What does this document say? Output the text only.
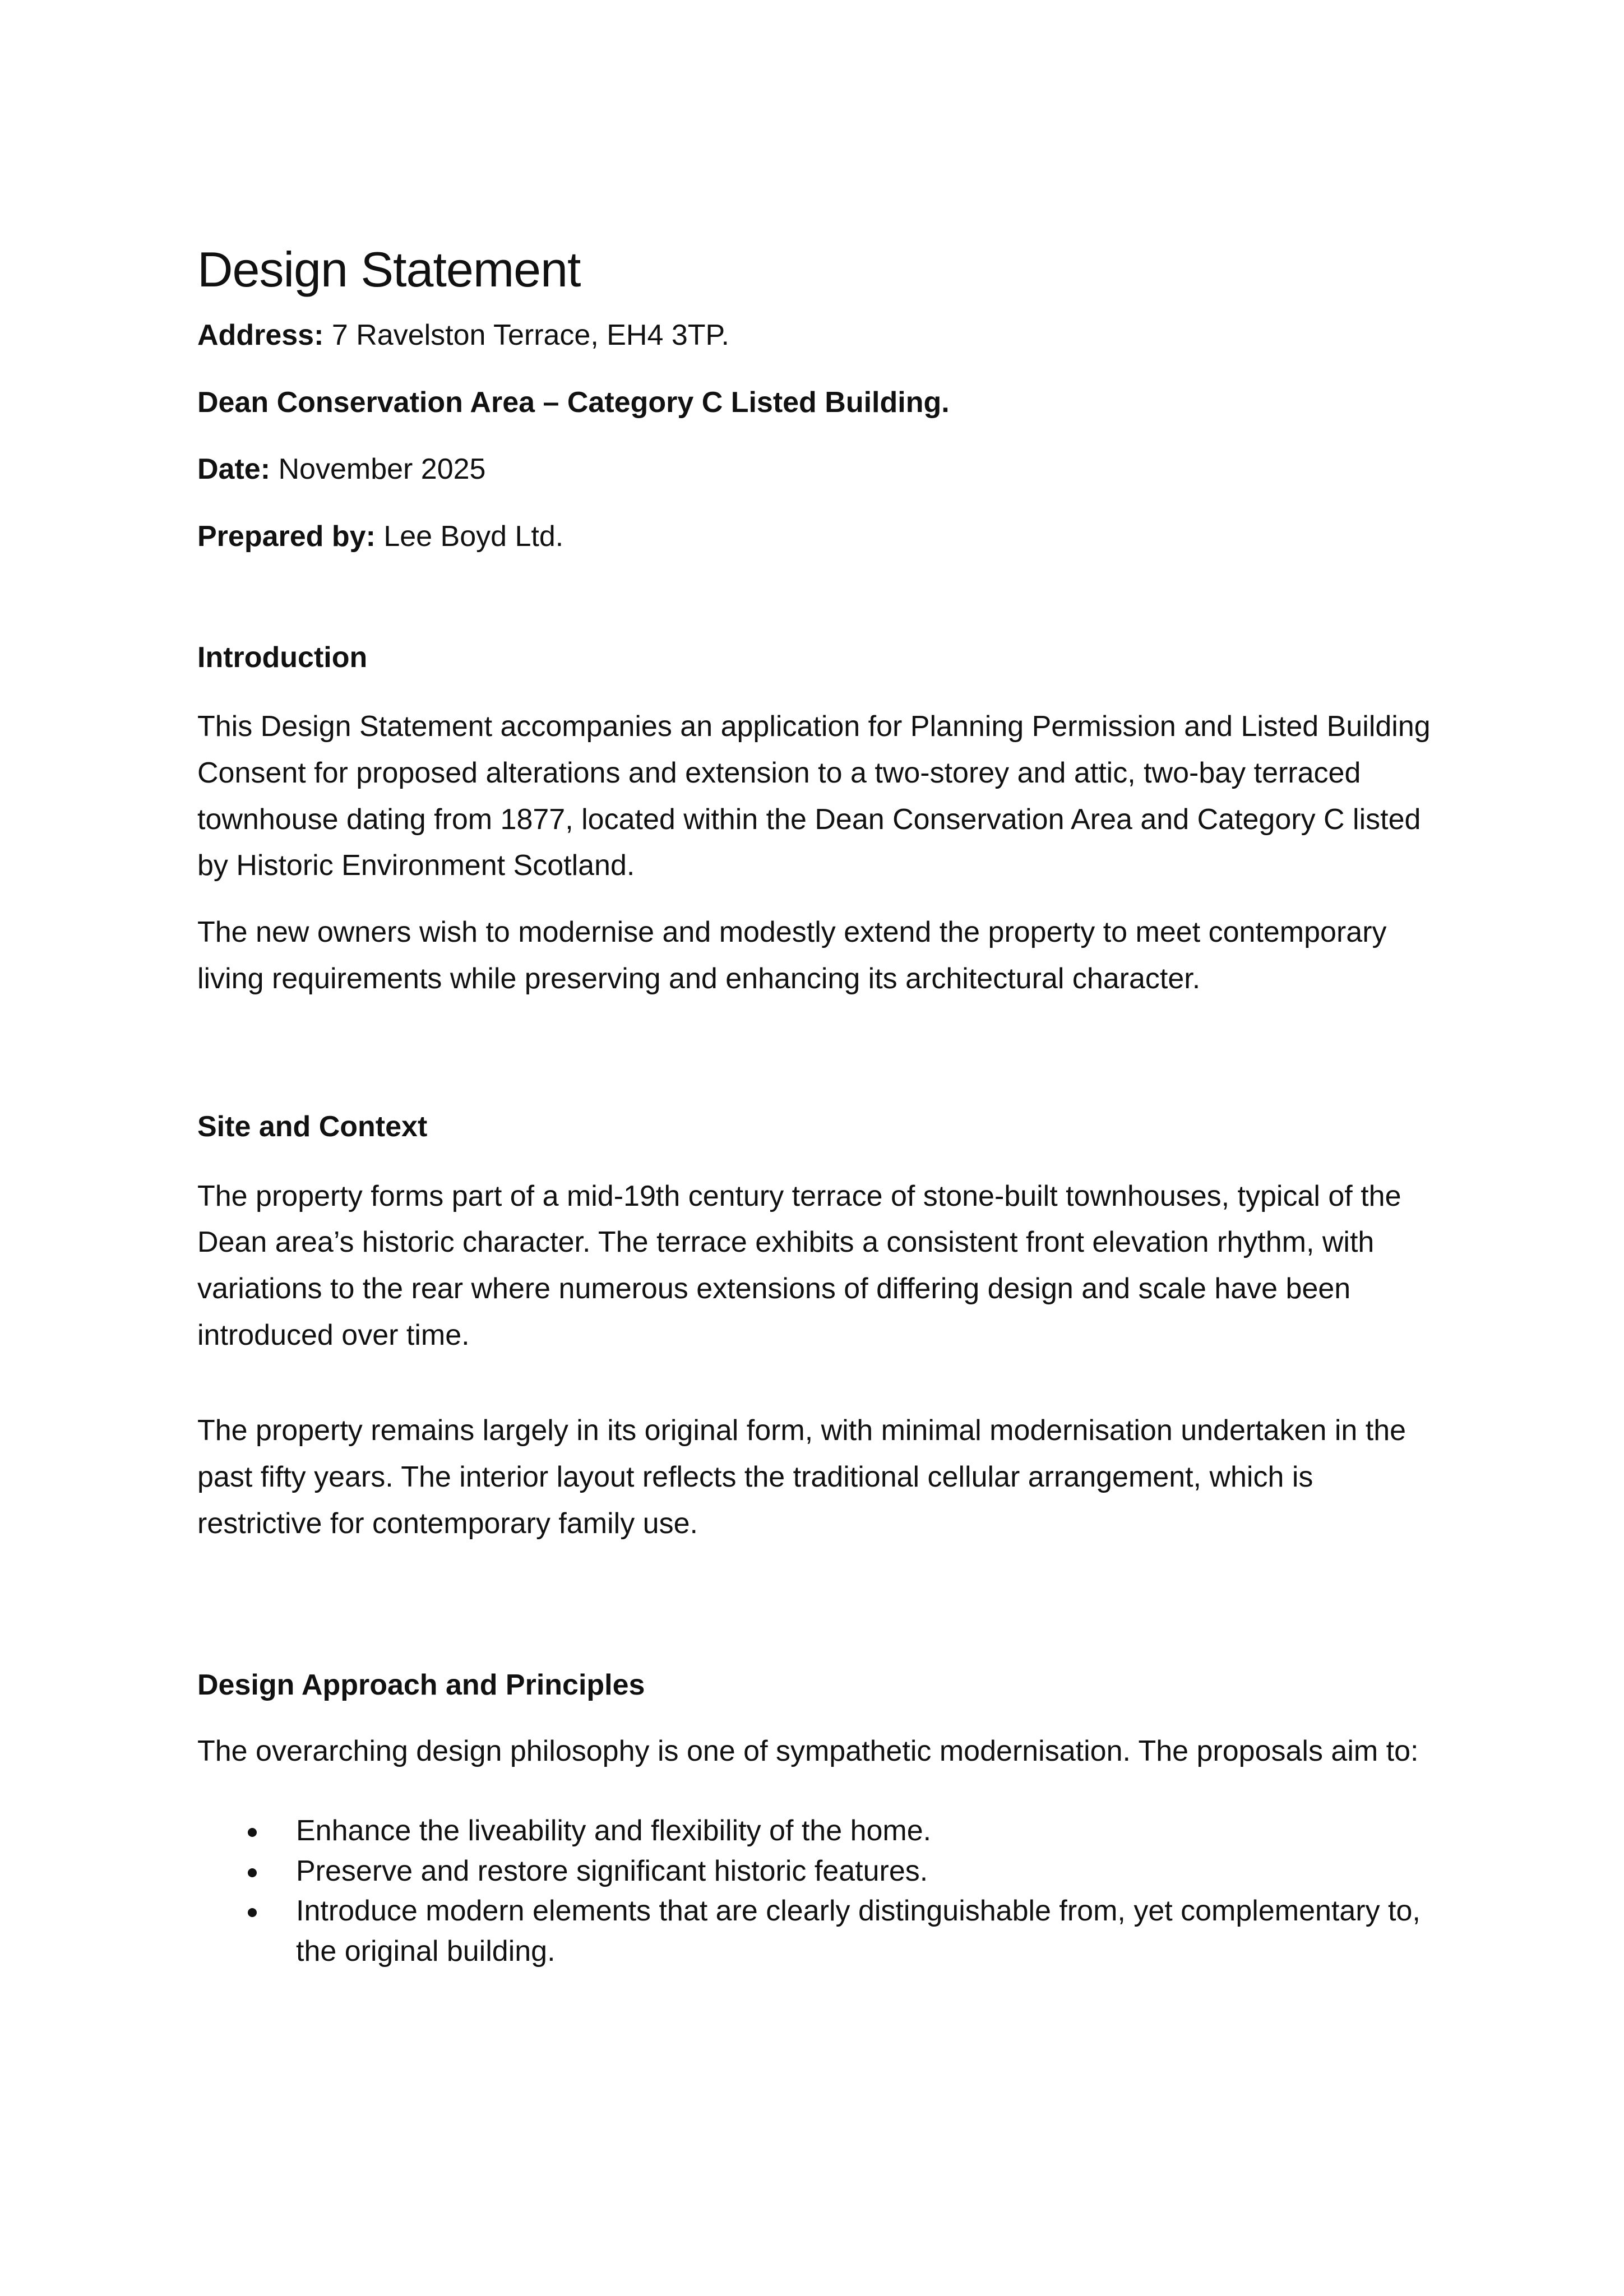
Design Statement

Address: 7 Ravelston Terrace, EH4 3TP.

Dean Conservation Area – Category C Listed Building.

Date: November 2025

Prepared by: Lee Boyd Ltd.

Introduction

This Design Statement accompanies an application for Planning Permission and Listed Building Consent for proposed alterations and extension to a two-storey and attic, two-bay terraced townhouse dating from 1877, located within the Dean Conservation Area and Category C listed by Historic Environment Scotland.

The new owners wish to modernise and modestly extend the property to meet contemporary living requirements while preserving and enhancing its architectural character.

Site and Context

The property forms part of a mid-19th century terrace of stone-built townhouses, typical of the Dean area’s historic character. The terrace exhibits a consistent front elevation rhythm, with variations to the rear where numerous extensions of differing design and scale have been introduced over time.

The property remains largely in its original form, with minimal modernisation undertaken in the past fifty years. The interior layout reflects the traditional cellular arrangement, which is restrictive for contemporary family use.

Design Approach and Principles

The overarching design philosophy is one of sympathetic modernisation. The proposals aim to:

Enhance the liveability and flexibility of the home.
Preserve and restore significant historic features.
Introduce modern elements that are clearly distinguishable from, yet complementary to, the original building.
